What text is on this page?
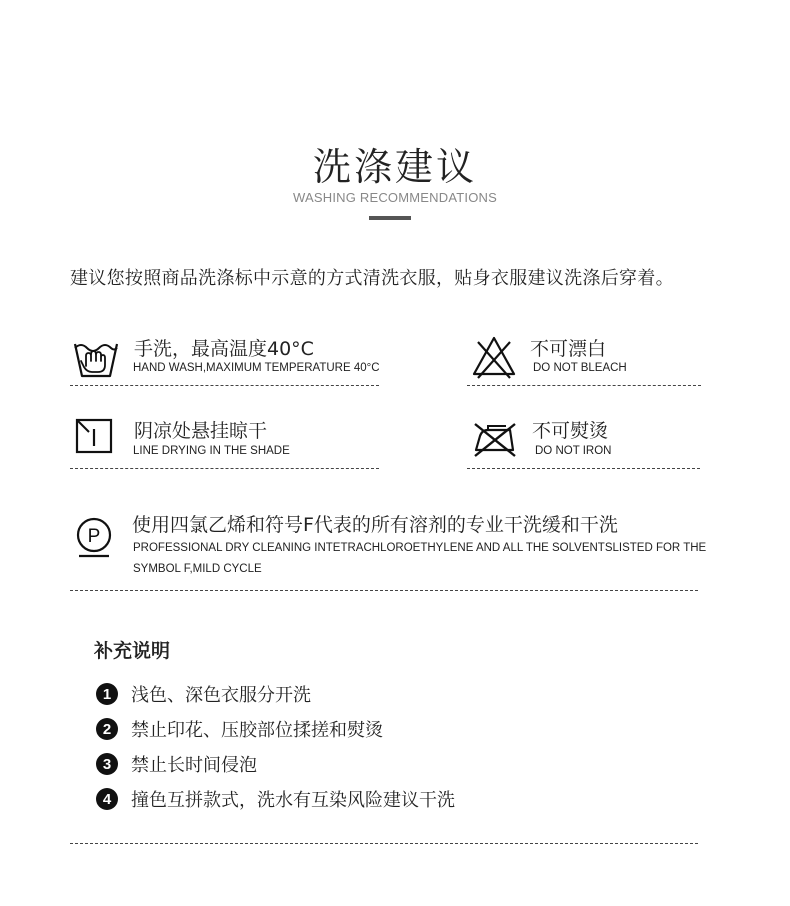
洗涤建议
WASHING RECOMMENDATIONS
建议您按照商品洗涤标中示意的方式清洗衣服，贴身衣服建议洗涤后穿着。
手洗，最高温度40°C
HAND WASH,MAXIMUM TEMPERATURE 40°C
不可漂白
DO NOT BLEACH
阴凉处悬挂晾干
LINE DRYING IN THE SHADE
不可熨烫
DO NOT IRON
P
使用四氯乙烯和符号F代表的所有溶剂的专业干洗缓和干洗
PROFESSIONAL DRY CLEANING INTETRACHLOROETHYLENE AND ALL THE SOLVENTSLISTED FOR THE
SYMBOL F,MILD CYCLE
补充说明
1	浅色、深色衣服分开洗
2	禁止印花、压胶部位揉搓和熨烫
3	禁止长时间侵泡
4	撞色互拼款式，洗水有互染风险建议干洗
